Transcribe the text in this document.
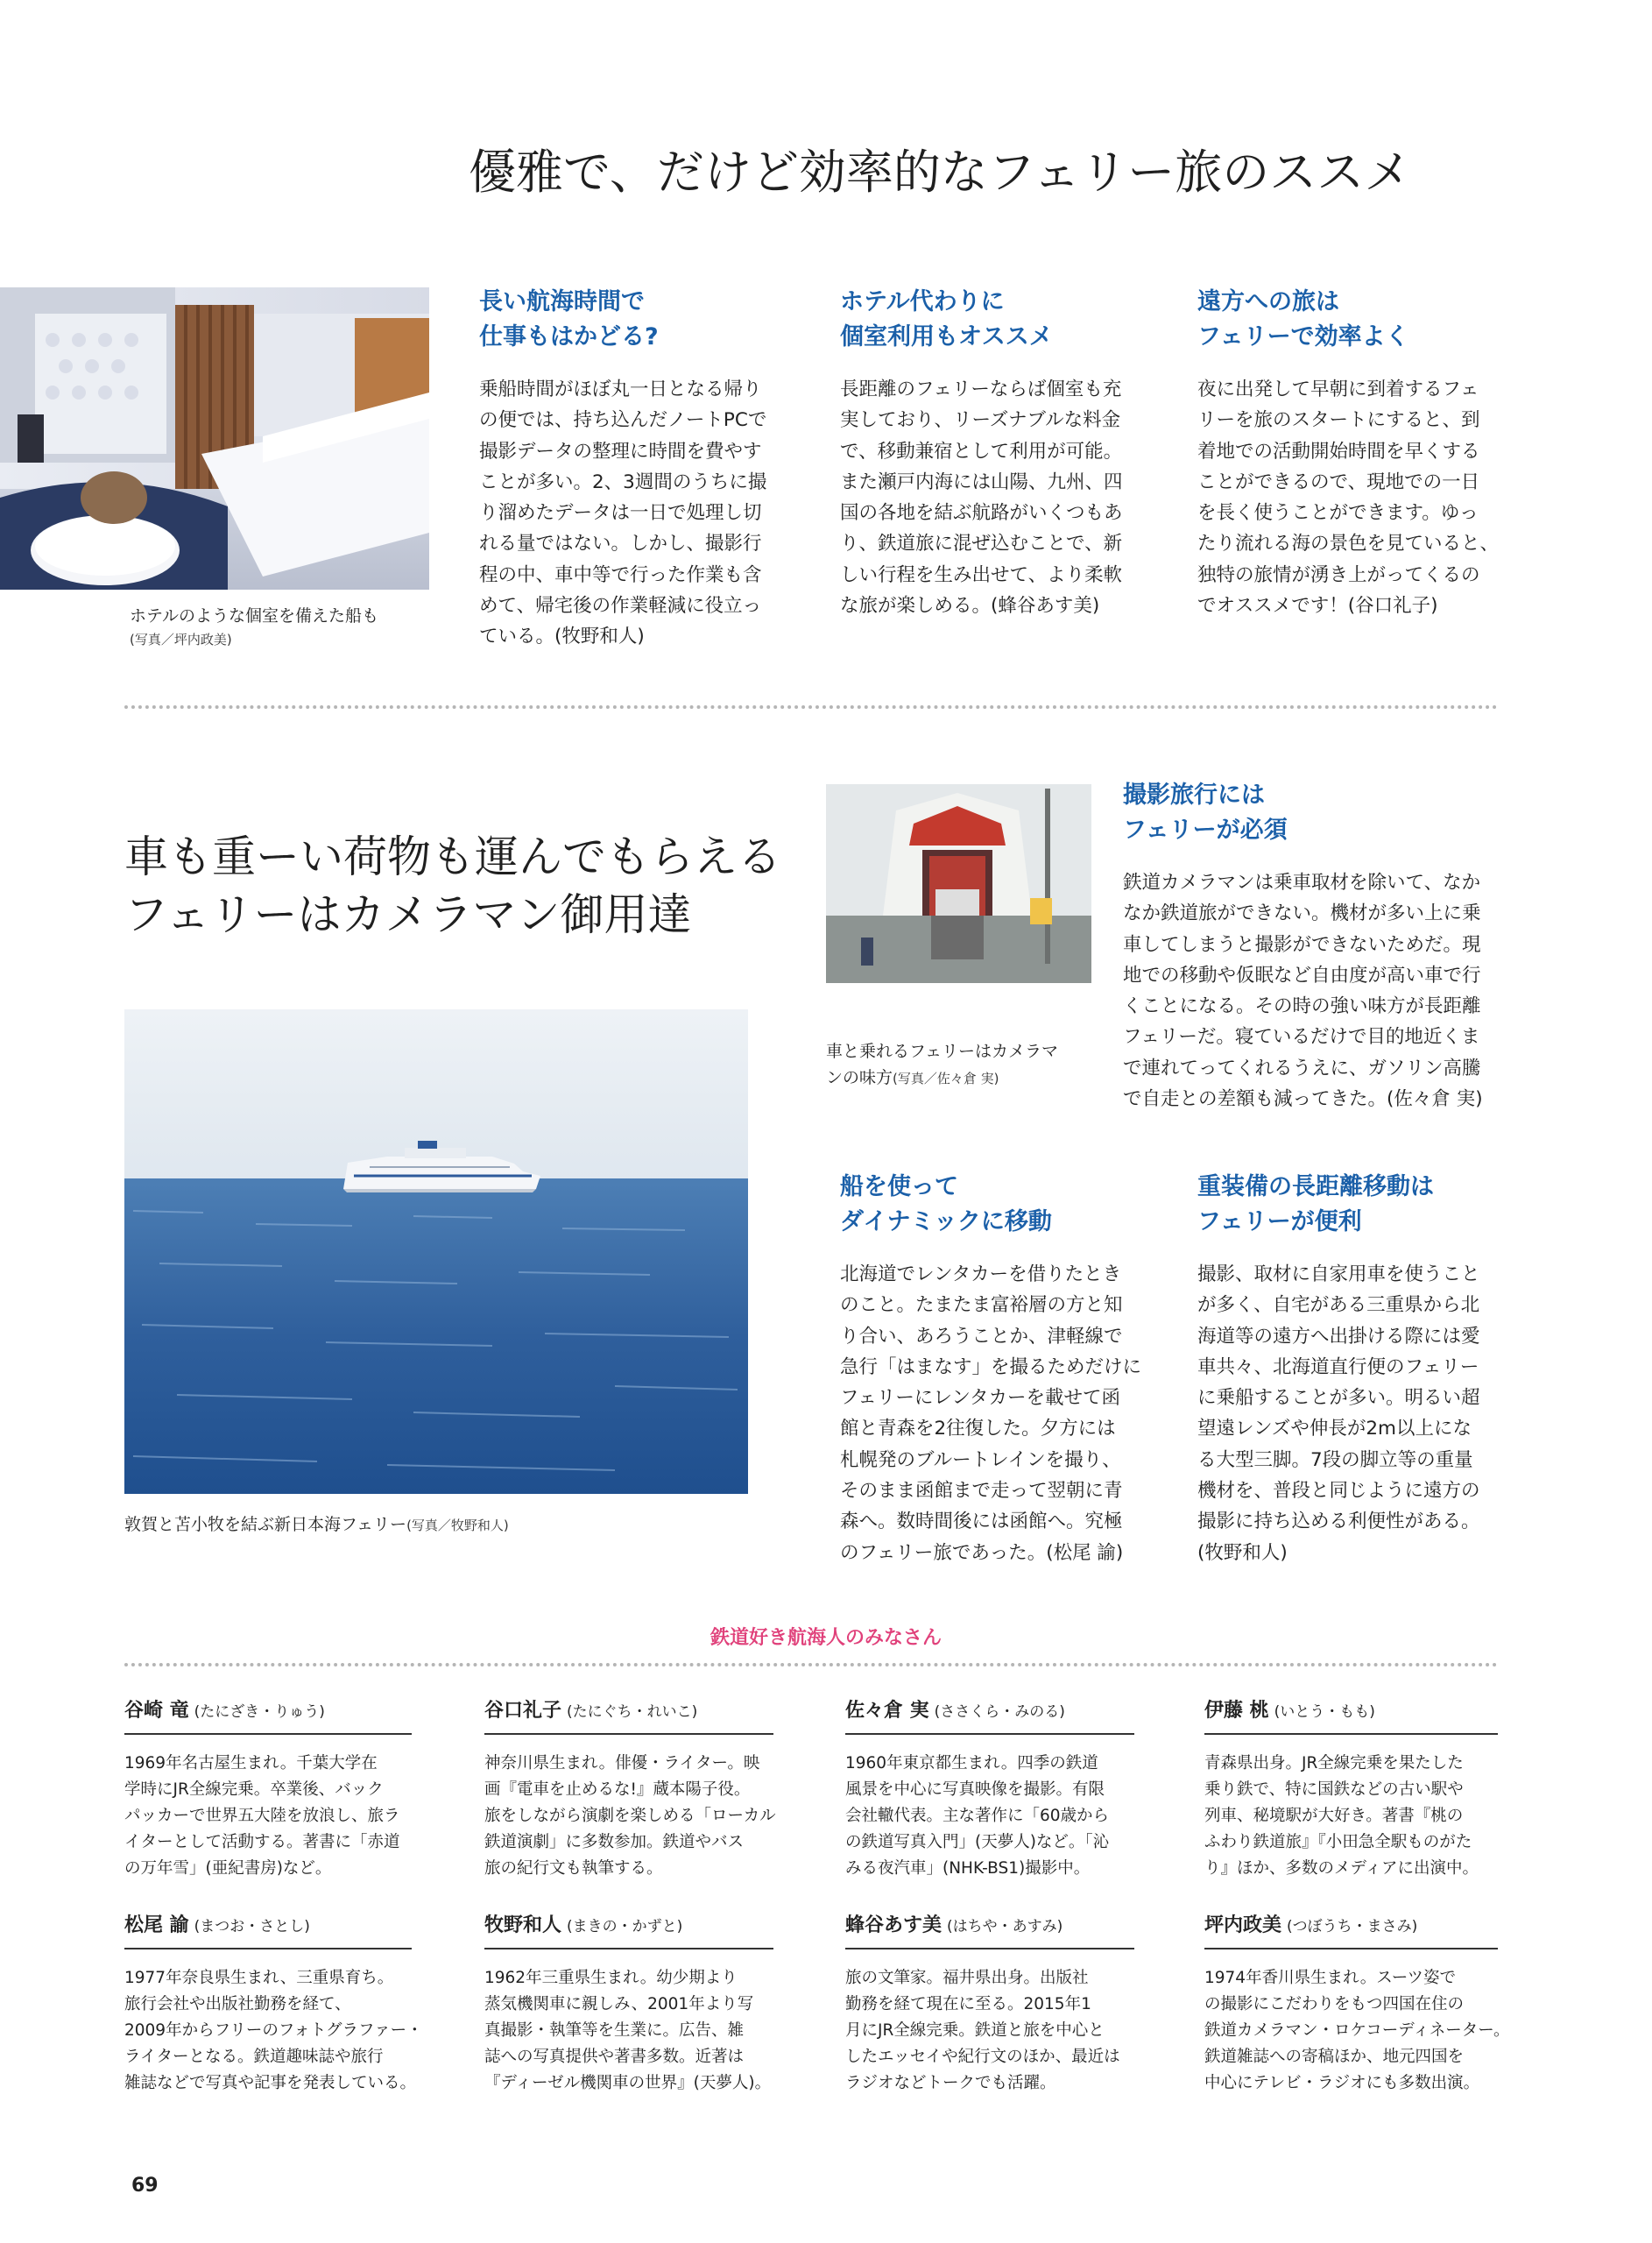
優雅で、だけど効率的なフェリー旅のススメ
ホテルのような個室を備えた船も
(写真／坪内政美)
長い航海時間で
仕事もはかどる?
乗船時間がほぼ丸一日となる帰り
の便では、持ち込んだノートPCで
撮影データの整理に時間を費やす
ことが多い。2、3週間のうちに撮
り溜めたデータは一日で処理し切
れる量ではない。しかし、撮影行
程の中、車中等で行った作業も含
めて、帰宅後の作業軽減に役立っ
ている。(牧野和人)
ホテル代わりに
個室利用もオススメ
長距離のフェリーならば個室も充
実しており、リーズナブルな料金
で、移動兼宿として利用が可能。
また瀬戸内海には山陽、九州、四
国の各地を結ぶ航路がいくつもあ
り、鉄道旅に混ぜ込むことで、新
しい行程を生み出せて、より柔軟
な旅が楽しめる。(蜂谷あす美)
遠方への旅は
フェリーで効率よく
夜に出発して早朝に到着するフェ
リーを旅のスタートにすると、到
着地での活動開始時間を早くする
ことができるので、現地での一日
を長く使うことができます。ゆっ
たり流れる海の景色を見ていると、
独特の旅情が湧き上がってくるの
でオススメです！(谷口礼子)
車も重ーい荷物も運んでもらえる
フェリーはカメラマン御用達
敦賀と苫小牧を結ぶ新日本海フェリー(写真／牧野和人)
車と乗れるフェリーはカメラマ
ンの味方(写真／佐々倉 実)
撮影旅行には
フェリーが必須
鉄道カメラマンは乗車取材を除いて、なか
なか鉄道旅ができない。機材が多い上に乗
車してしまうと撮影ができないためだ。現
地での移動や仮眠など自由度が高い車で行
くことになる。その時の強い味方が長距離
フェリーだ。寝ているだけで目的地近くま
で連れてってくれるうえに、ガソリン高騰
で自走との差額も減ってきた。(佐々倉 実)
船を使って
ダイナミックに移動
北海道でレンタカーを借りたとき
のこと。たまたま富裕層の方と知
り合い、あろうことか、津軽線で
急行「はまなす」を撮るためだけに
フェリーにレンタカーを載せて函
館と青森を2往復した。夕方には
札幌発のブルートレインを撮り、
そのまま函館まで走って翌朝に青
森へ。数時間後には函館へ。究極
のフェリー旅であった。(松尾 諭)
重装備の長距離移動は
フェリーが便利
撮影、取材に自家用車を使うこと
が多く、自宅がある三重県から北
海道等の遠方へ出掛ける際には愛
車共々、北海道直行便のフェリー
に乗船することが多い。明るい超
望遠レンズや伸長が2m以上にな
る大型三脚。7段の脚立等の重量
機材を、普段と同じように遠方の
撮影に持ち込める利便性がある。
(牧野和人)
鉄道好き航海人のみなさん
谷崎 竜 (たにざき・りゅう)
1969年名古屋生まれ。千葉大学在
学時にJR全線完乗。卒業後、バック
パッカーで世界五大陸を放浪し、旅ラ
イターとして活動する。著書に「赤道
の万年雪」(亜紀書房)など。
谷口礼子 (たにぐち・れいこ)
神奈川県生まれ。俳優・ライター。映
画『電車を止めるな!』蔵本陽子役。
旅をしながら演劇を楽しめる「ローカル
鉄道演劇」に多数参加。鉄道やバス
旅の紀行文も執筆する。
佐々倉 実 (ささくら・みのる)
1960年東京都生まれ。四季の鉄道
風景を中心に写真映像を撮影。有限
会社轍代表。主な著作に「60歳から
の鉄道写真入門」(天夢人)など。「沁
みる夜汽車」(NHK-BS1)撮影中。
伊藤 桃 (いとう・もも)
青森県出身。JR全線完乗を果たした
乗り鉄で、特に国鉄などの古い駅や
列車、秘境駅が大好き。著書『桃の
ふわり鉄道旅』『小田急全駅ものがた
り』ほか、多数のメディアに出演中。
松尾 諭 (まつお・さとし)
1977年奈良県生まれ、三重県育ち。
旅行会社や出版社勤務を経て、
2009年からフリーのフォトグラファー・
ライターとなる。鉄道趣味誌や旅行
雑誌などで写真や記事を発表している。
牧野和人 (まきの・かずと)
1962年三重県生まれ。幼少期より
蒸気機関車に親しみ、2001年より写
真撮影・執筆等を生業に。広告、雑
誌への写真提供や著書多数。近著は
『ディーゼル機関車の世界』(天夢人)。
蜂谷あす美 (はちや・あすみ)
旅の文筆家。福井県出身。出版社
勤務を経て現在に至る。2015年1
月にJR全線完乗。鉄道と旅を中心と
したエッセイや紀行文のほか、最近は
ラジオなどトークでも活躍。
坪内政美 (つぼうち・まさみ)
1974年香川県生まれ。スーツ姿で
の撮影にこだわりをもつ四国在住の
鉄道カメラマン・ロケコーディネーター。
鉄道雑誌への寄稿ほか、地元四国を
中心にテレビ・ラジオにも多数出演。
69
